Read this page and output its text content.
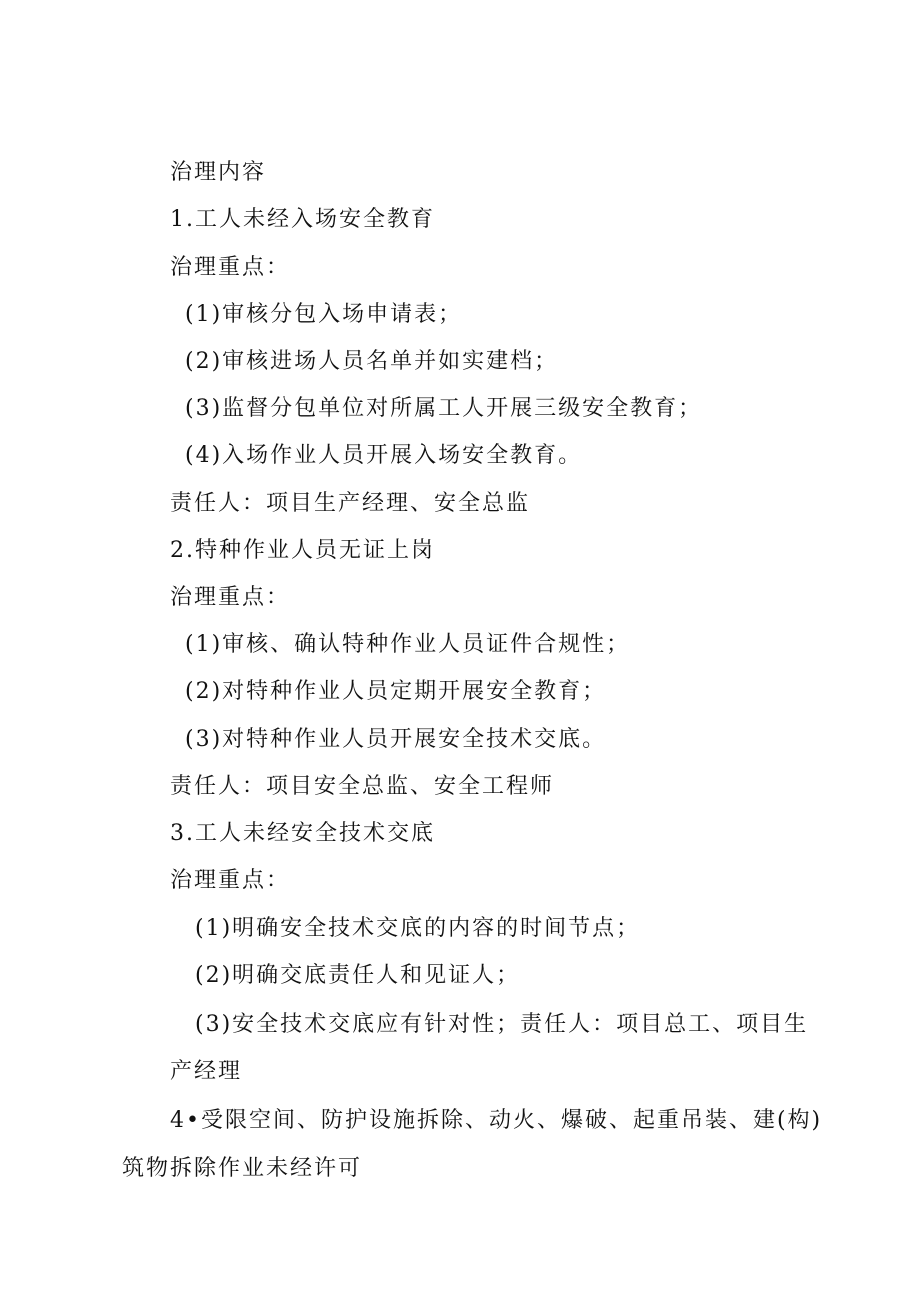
治理内容
1.工人未经入场安全教育
治理重点：
(1)审核分包入场申请表；
(2)审核进场人员名单并如实建档；
(3)监督分包单位对所属工人开展三级安全教育；
(4)入场作业人员开展入场安全教育。
责任人：项目生产经理、安全总监
2.特种作业人员无证上岗
治理重点：
(1)审核、确认特种作业人员证件合规性；
(2)对特种作业人员定期开展安全教育；
(3)对特种作业人员开展安全技术交底。
责任人：项目安全总监、安全工程师
3.工人未经安全技术交底
治理重点：
(1)明确安全技术交底的内容的时间节点；
(2)明确交底责任人和见证人；
(3)安全技术交底应有针对性；责任人：项目总工、项目生
产经理
4•受限空间、防护设施拆除、动火、爆破、起重吊装、建(构)
筑物拆除作业未经许可
